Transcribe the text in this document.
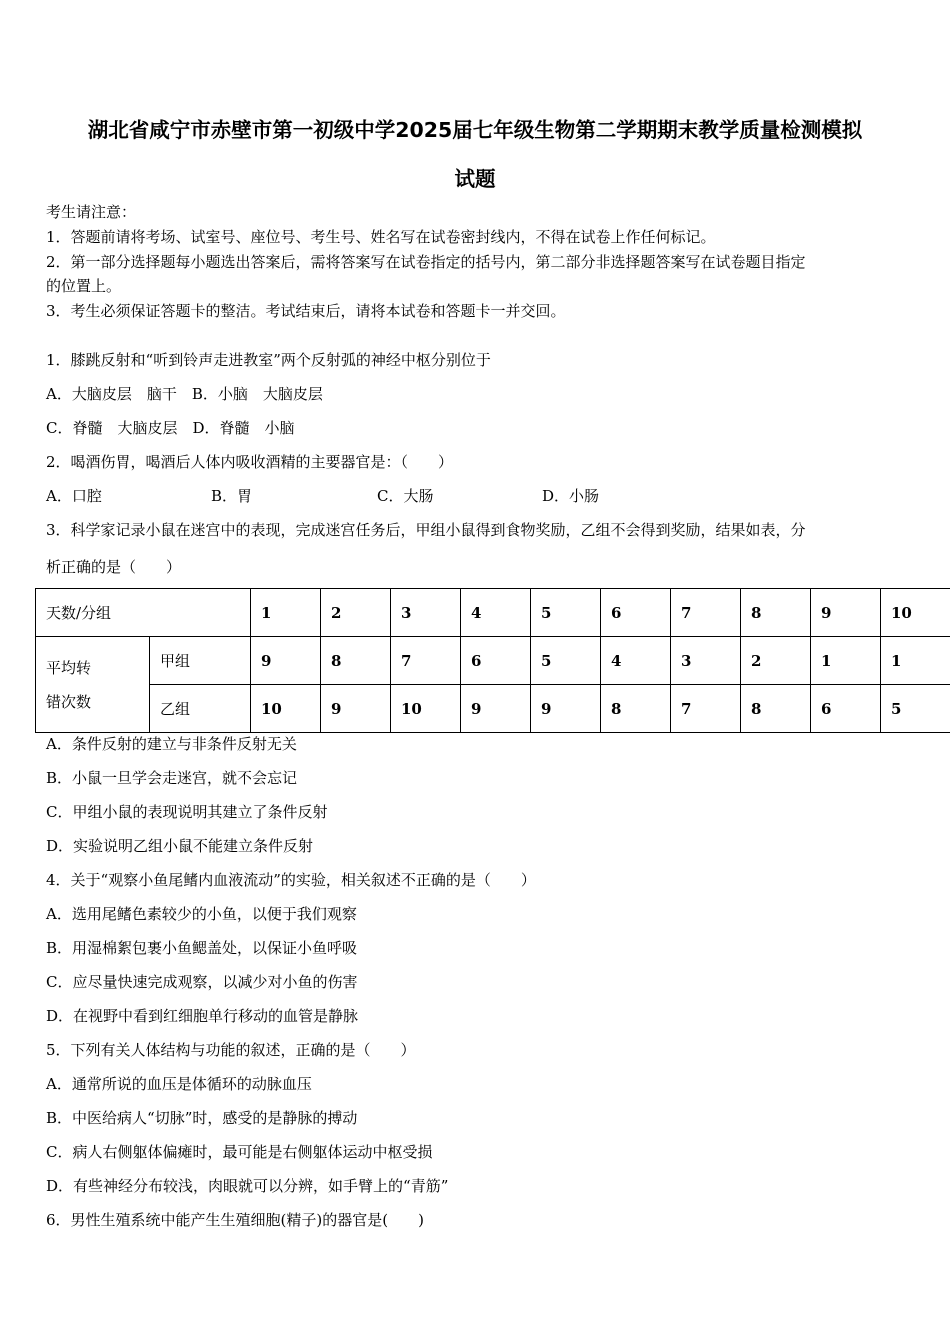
湖北省咸宁市赤壁市第一初级中学2025届七年级生物第二学期期末教学质量检测模拟
试题
考生请注意：
1．答题前请将考场、试室号、座位号、考生号、姓名写在试卷密封线内，不得在试卷上作任何标记。
2．第一部分选择题每小题选出答案后，需将答案写在试卷指定的括号内，第二部分非选择题答案写在试卷题目指定
的位置上。
3．考生必须保证答题卡的整洁。考试结束后，请将本试卷和答题卡一并交回。
1．膝跳反射和“听到铃声走进教室”两个反射弧的神经中枢分别位于
A．大脑皮层　脑干　B．小脑　大脑皮层
C．脊髓　大脑皮层　D．脊髓　小脑
2．喝酒伤胃，喝酒后人体内吸收酒精的主要器官是：（　　）
A．口腔	B．胃	C．大肠	D．小肠
3．科学家记录小鼠在迷宫中的表现，完成迷宫任务后，甲组小鼠得到食物奖励，乙组不会得到奖励，结果如表，分
析正确的是（　　）
天数/分组		1	2	3	4	5	6	7	8	9	10

平均转
错次数	甲组	9	8	7	6	5	4	3	2	1	1
	乙组	10	9	10	9	9	8	7	8	6	5
A．条件反射的建立与非条件反射无关
B．小鼠一旦学会走迷宫，就不会忘记
C．甲组小鼠的表现说明其建立了条件反射
D．实验说明乙组小鼠不能建立条件反射
4．关于“观察小鱼尾鳍内血液流动”的实验，相关叙述不正确的是（　　）
A．选用尾鳍色素较少的小鱼，以便于我们观察
B．用湿棉絮包裹小鱼鳃盖处，以保证小鱼呼吸
C．应尽量快速完成观察，以减少对小鱼的伤害
D．在视野中看到红细胞单行移动的血管是静脉
5．下列有关人体结构与功能的叙述，正确的是（　　）
A．通常所说的血压是体循环的动脉血压
B．中医给病人“切脉”时，感受的是静脉的搏动
C．病人右侧躯体偏瘫时，最可能是右侧躯体运动中枢受损
D．有些神经分布较浅，肉眼就可以分辨，如手臂上的“青筋”
6．男性生殖系统中能产生生殖细胞(精子)的器官是(　　)
